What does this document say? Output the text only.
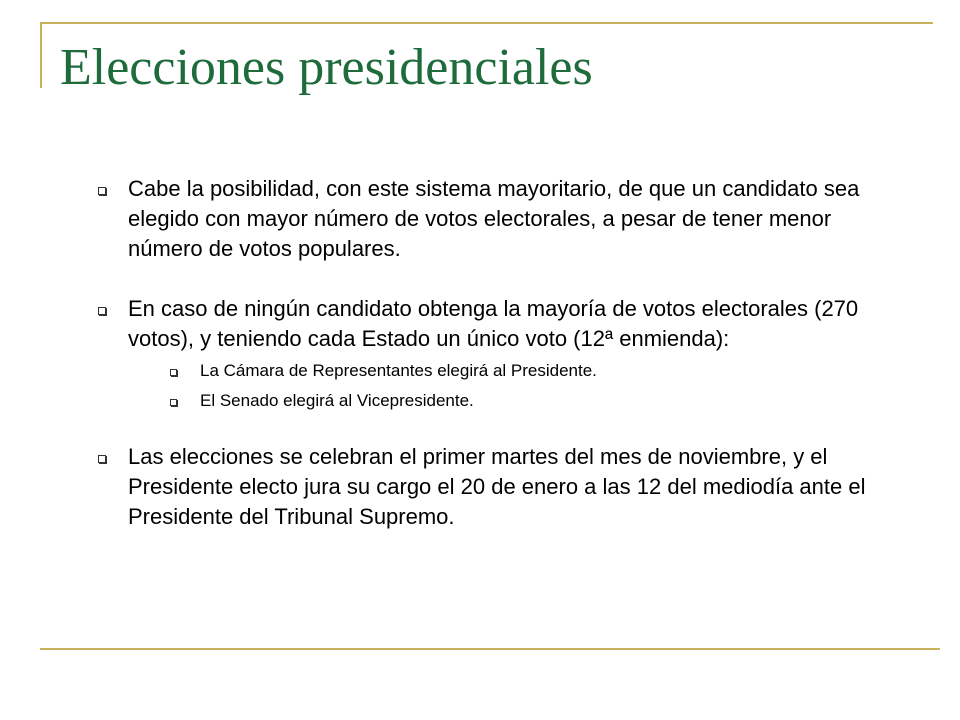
Elecciones presidenciales
Cabe la posibilidad, con este sistema mayoritario, de que un candidato sea elegido con mayor número de votos electorales, a pesar de tener menor número de votos populares.
En caso de ningún candidato obtenga la mayoría de votos electorales (270 votos), y teniendo cada Estado un único voto (12ª enmienda):
La Cámara de Representantes elegirá al Presidente.
El Senado elegirá al Vicepresidente.
Las elecciones se celebran el primer martes del mes de noviembre, y el Presidente electo jura su cargo el 20 de enero a las 12 del mediodía ante el Presidente del Tribunal Supremo.
